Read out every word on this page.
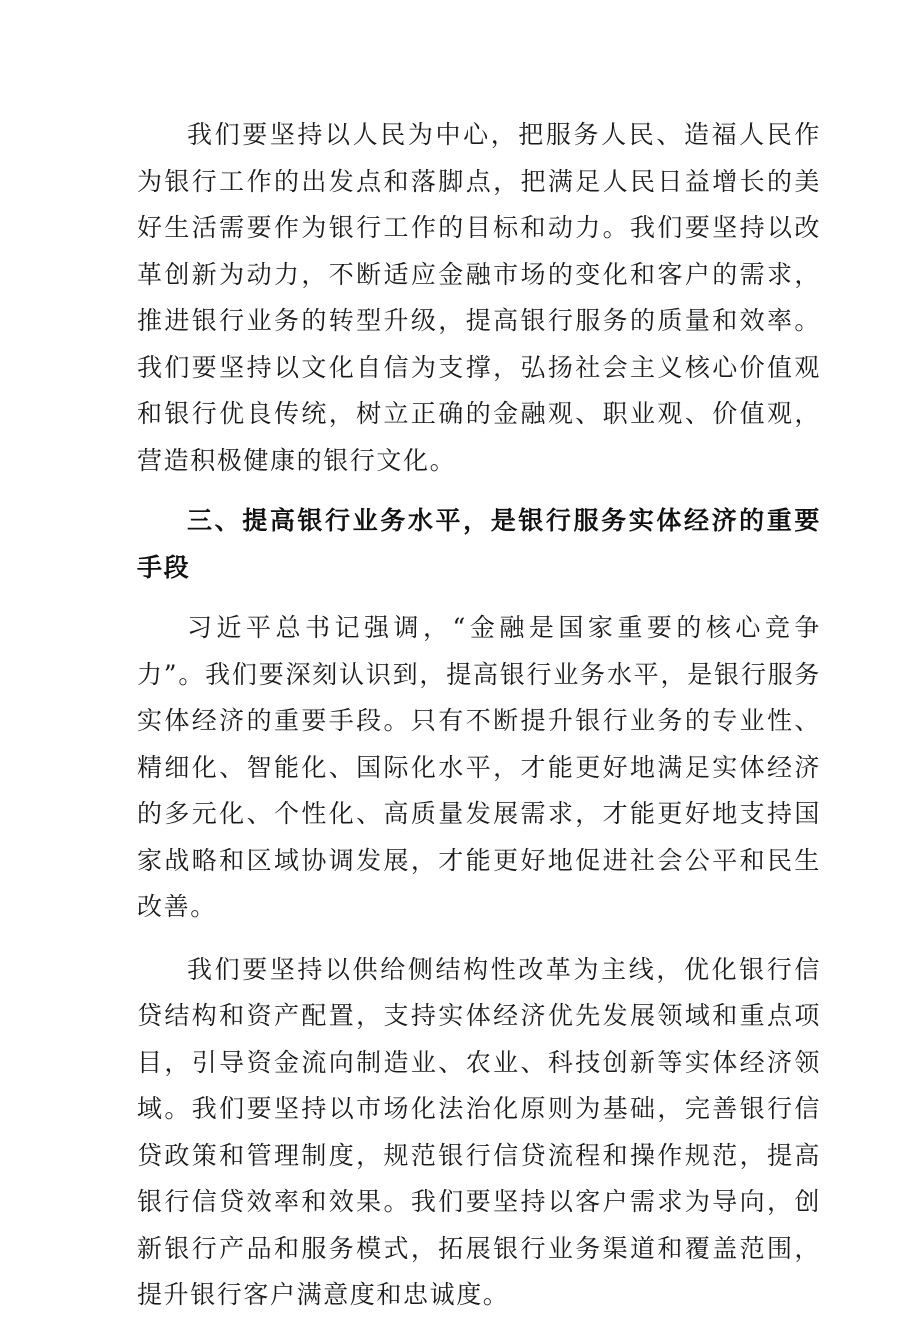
我们要坚持以人民为中心，把服务人民、造福人民作为银行工作的出发点和落脚点，把满足人民日益增长的美好生活需要作为银行工作的目标和动力。我们要坚持以改革创新为动力，不断适应金融市场的变化和客户的需求，推进银行业务的转型升级，提高银行服务的质量和效率。我们要坚持以文化自信为支撑，弘扬社会主义核心价值观和银行优良传统，树立正确的金融观、职业观、价值观，营造积极健康的银行文化。

三、提高银行业务水平，是银行服务实体经济的重要手段

习近平总书记强调，“金融是国家重要的核心竞争力”。我们要深刻认识到，提高银行业务水平，是银行服务实体经济的重要手段。只有不断提升银行业务的专业性、精细化、智能化、国际化水平，才能更好地满足实体经济的多元化、个性化、高质量发展需求，才能更好地支持国家战略和区域协调发展，才能更好地促进社会公平和民生改善。

我们要坚持以供给侧结构性改革为主线，优化银行信贷结构和资产配置，支持实体经济优先发展领域和重点项目，引导资金流向制造业、农业、科技创新等实体经济领域。我们要坚持以市场化法治化原则为基础，完善银行信贷政策和管理制度，规范银行信贷流程和操作规范，提高银行信贷效率和效果。我们要坚持以客户需求为导向，创新银行产品和服务模式，拓展银行业务渠道和覆盖范围，提升银行客户满意度和忠诚度。
